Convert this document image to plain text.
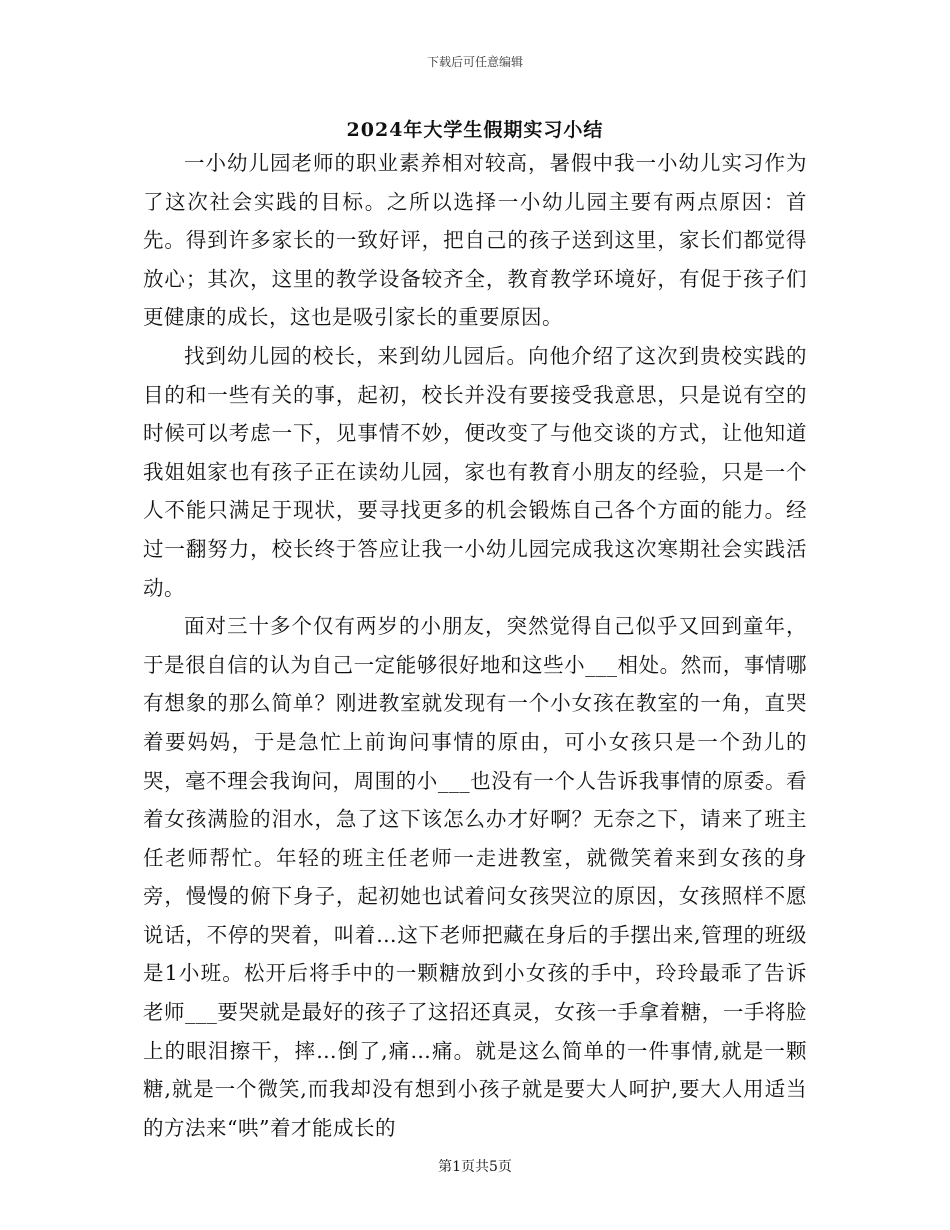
下载后可任意编辑
2024年大学生假期实习小结

一小幼儿园老师的职业素养相对较高，暑假中我一小幼儿实习作为了这次社会实践的目标。之所以选择一小幼儿园主要有两点原因：首先。得到许多家长的一致好评，把自己的孩子送到这里，家长们都觉得放心；其次，这里的教学设备较齐全，教育教学环境好，有促于孩子们更健康的成长，这也是吸引家长的重要原因。

找到幼儿园的校长，来到幼儿园后。向他介绍了这次到贵校实践的目的和一些有关的事，起初，校长并没有要接受我意思，只是说有空的时候可以考虑一下，见事情不妙，便改变了与他交谈的方式，让他知道我姐姐家也有孩子正在读幼儿园，家也有教育小朋友的经验，只是一个人不能只满足于现状，要寻找更多的机会锻炼自己各个方面的能力。经过一翻努力，校长终于答应让我一小幼儿园完成我这次寒期社会实践活动。

面对三十多个仅有两岁的小朋友，突然觉得自己似乎又回到童年，于是很自信的认为自己一定能够很好地和这些小___相处。然而，事情哪有想象的那么简单？刚进教室就发现有一个小女孩在教室的一角，直哭着要妈妈，于是急忙上前询问事情的原由，可小女孩只是一个劲儿的哭，毫不理会我询问，周围的小___也没有一个人告诉我事情的原委。看着女孩满脸的泪水，急了这下该怎么办才好啊？无奈之下，请来了班主任老师帮忙。年轻的班主任老师一走进教室，就微笑着来到女孩的身旁，慢慢的俯下身子，起初她也试着问女孩哭泣的原因，女孩照样不愿说话，不停的哭着，叫着…这下老师把藏在身后的手摆出来,管理的班级是1小班。松开后将手中的一颗糖放到小女孩的手中，玲玲最乖了告诉老师___要哭就是最好的孩子了这招还真灵，女孩一手拿着糖，一手将脸上的眼泪擦干，摔…倒了,痛…痛。就是这么简单的一件事情,就是一颗糖,就是一个微笑,而我却没有想到小孩子就是要大人呵护,要大人用适当的方法来“哄”着才能成长的

第1页共5页
